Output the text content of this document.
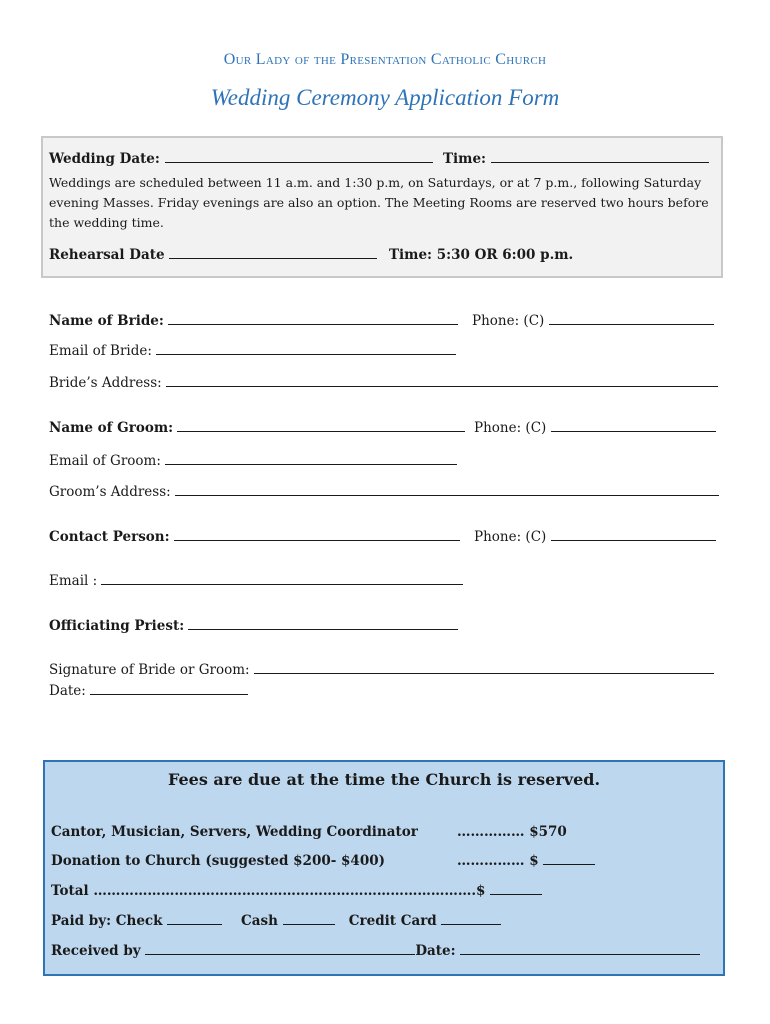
Our Lady of the Presentation Catholic Church
Wedding Ceremony Application Form
Wedding Date:	Time:
Weddings are scheduled between 11 a.m. and 1:30 p.m, on Saturdays, or at 7 p.m., following Saturday evening Masses. Friday evenings are also an option. The Meeting Rooms are reserved two hours before the wedding time.
Rehearsal Date	Time: 5:30 OR 6:00 p.m.
Name of Bride:	Phone: (C)
Email of Bride:
Bride’s Address:
Name of Groom:	Phone: (C)
Email of Groom:
Groom’s Address:
Contact Person:	Phone: (C)
Email :
Officiating Priest:
Signature of Bride or Groom:
Date:
Fees are due at the time the Church is reserved.
Cantor, Musician, Servers, Wedding Coordinator	…………… $570
Donation to Church (suggested $200- $400)	…………… $
Total ………………………………………………………………………….$
Paid by: Check	Cash	Credit Card
Received by	Date:
